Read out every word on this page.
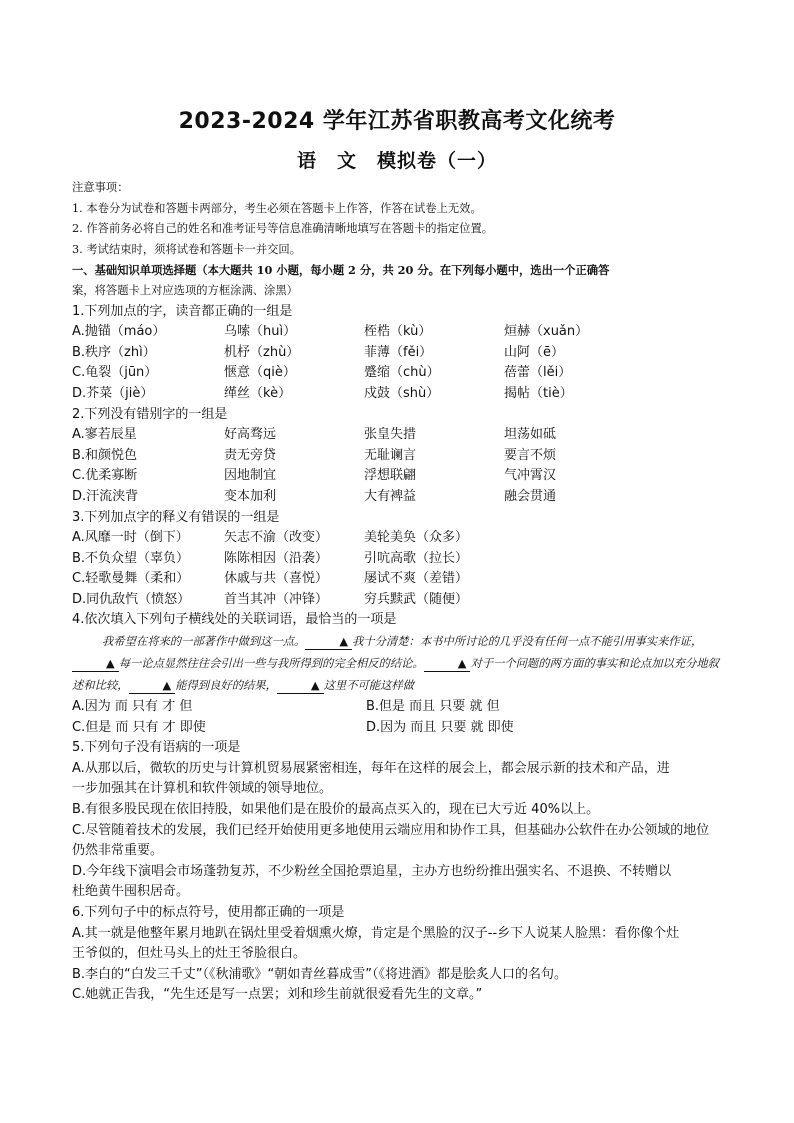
2023-2024 学年江苏省职教高考文化统考
语　文　模拟卷（一）
注意事项：
1. 本卷分为试卷和答题卡两部分，考生必须在答题卡上作答，作答在试卷上无效。
2. 作答前务必将自己的姓名和准考证号等信息准确清晰地填写在答题卡的指定位置。
3. 考试结束时，须将试卷和答题卡一并交回。
一、基础知识单项选择题（本大题共 10 小题，每小题 2 分，共 20 分。在下列每小题中，选出一个正确答
案，将答题卡上对应选项的方框涂满、涂黑）
1.下列加点的字，读音都正确的一组是
A.抛锚（máo）	乌嗦（huì）	桎梏（kù）	烜赫（xuǎn）
B.秩序（zhì）	机杼（zhù）	菲薄（fěi）	山阿（ē）
C.龟裂（jūn）	惬意（qiè）	蹙缩（chù）	蓓蕾（lěi）
D.芥菜（jiè）	缂丝（kè）	戍鼓（shù）	揭帖（tiè）
2.下列没有错别字的一组是
A.寥若辰星	好高骛远	张皇失措	坦荡如砥
B.和颜悦色	责无旁贷	无耻谰言	要言不烦
C.优柔寡断	因地制宜	浮想联翩	气冲霄汉
D.汗流浃背	变本加利	大有裨益	融会贯通
3.下列加点字的释义有错误的一组是
A.风靡一时（倒下）	矢志不渝（改变）	美轮美奂（众多）
B.不负众望（辜负）	陈陈相因（沿袭）	引吭高歌（拉长）
C.轻歌曼舞（柔和）	休戚与共（喜悦）	屡试不爽（差错）
D.同仇敌忾（愤怒）	首当其冲（冲锋）	穷兵黩武（随便）
4.依次填入下列句子横线处的关联词语，最恰当的一项是
我希望在将来的一部著作中做到这一点。	▲ 我十分清楚：本书中所讨论的几乎没有任何一点不能引用事实来作证，▲ 每一论点显然往往会引出一些与我所得到的完全相反的结论。	▲ 对于一个问题的两方面的事实和论点加以充分地叙述和比较，	▲ 能得到良好的结果，	▲ 这里不可能这样做
A.因为 而 只有 才 但	B.但是 而且 只要 就 但
C.但是 而 只有 才 即使	D.因为 而且 只要 就 即使
5.下列句子没有语病的一项是
A.从那以后，微软的历史与计算机贸易展紧密相连，每年在这样的展会上，都会展示新的技术和产品，进
一步加强其在计算机和软件领域的领导地位。
B.有很多股民现在依旧持股，如果他们是在股价的最高点买入的，现在已大亏近 40%以上。
C.尽管随着技术的发展，我们已经开始使用更多地使用云端应用和协作工具，但基础办公软件在办公领域的地位
仍然非常重要。
D.今年线下演唱会市场蓬勃复苏，不少粉丝全国抢票追星，主办方也纷纷推出强实名、不退换、不转赠以
杜绝黄牛囤积居奇。
6.下列句子中的标点符号，使用都正确的一项是
A.其一就是他整年累月地趴在锅灶里受着烟熏火燎，肯定是个黑脸的汉子--乡下人说某人脸黑：看你像个灶
王爷似的，但灶马头上的灶王爷脸很白。
B.李白的“白发三千丈”（《秋浦歌》“朝如青丝暮成雪”（《将进酒》都是脍炙人口的名句。
C.她就正告我，“先生还是写一点罢；刘和珍生前就很爱看先生的文章。”
